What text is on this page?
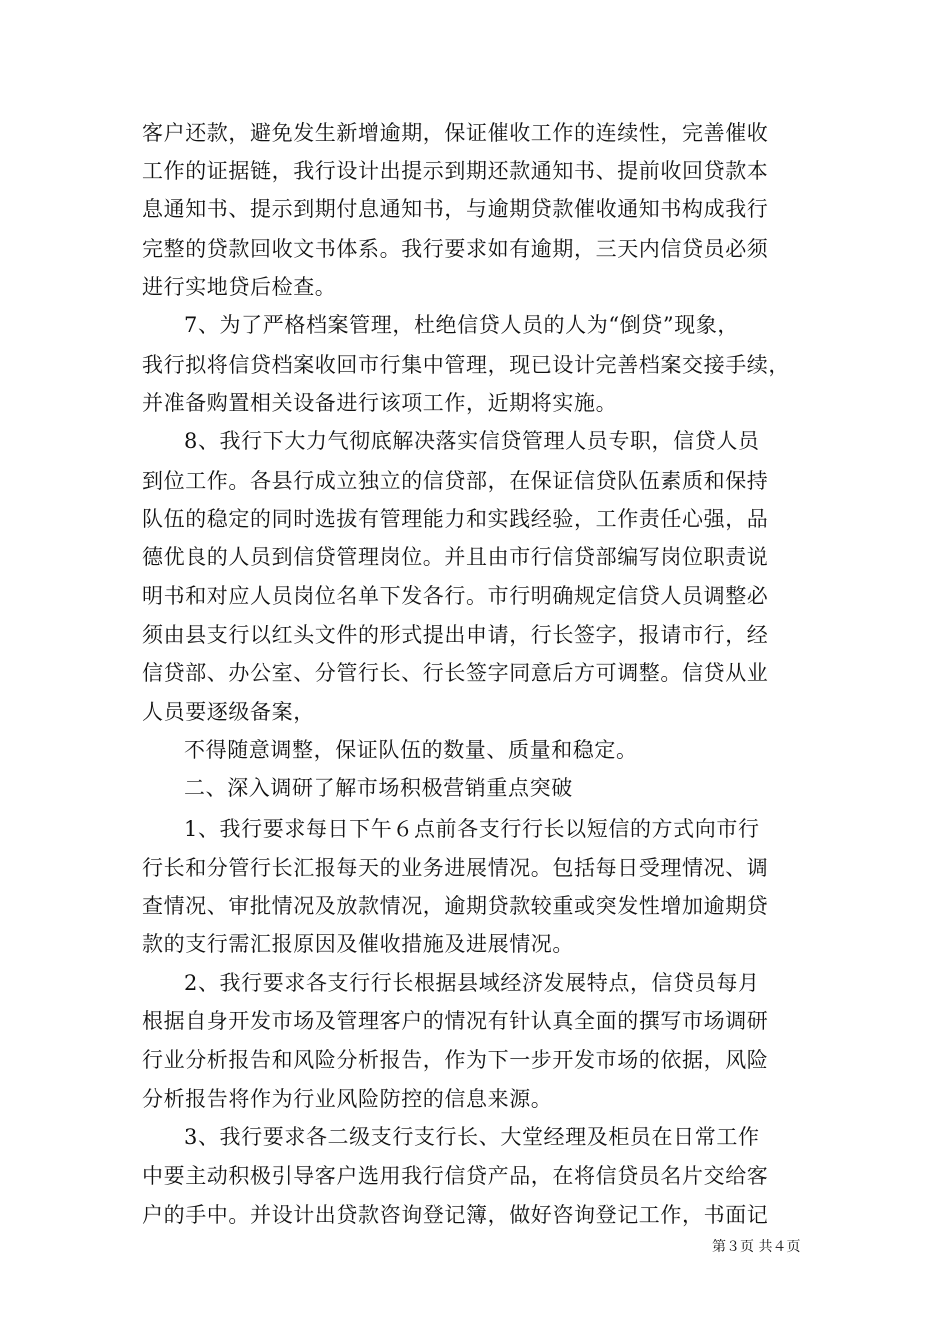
客户还款，避免发生新增逾期，保证催收工作的连续性，完善催收
工作的证据链，我行设计出提示到期还款通知书、提前收回贷款本
息通知书、提示到期付息通知书，与逾期贷款催收通知书构成我行
完整的贷款回收文书体系。我行要求如有逾期，三天内信贷员必须
进行实地贷后检查。
7、为了严格档案管理，杜绝信贷人员的人为“倒贷”现象，
我行拟将信贷档案收回市行集中管理，现已设计完善档案交接手续，
并准备购置相关设备进行该项工作，近期将实施。
8、我行下大力气彻底解决落实信贷管理人员专职，信贷人员
到位工作。各县行成立独立的信贷部，在保证信贷队伍素质和保持
队伍的稳定的同时选拔有管理能力和实践经验，工作责任心强，品
德优良的人员到信贷管理岗位。并且由市行信贷部编写岗位职责说
明书和对应人员岗位名单下发各行。市行明确规定信贷人员调整必
须由县支行以红头文件的形式提出申请，行长签字，报请市行，经
信贷部、办公室、分管行长、行长签字同意后方可调整。信贷从业
人员要逐级备案，
不得随意调整，保证队伍的数量、质量和稳定。
二、深入调研了解市场积极营销重点突破
1、我行要求每日下午６点前各支行行长以短信的方式向市行
行长和分管行长汇报每天的业务进展情况。包括每日受理情况、调
查情况、审批情况及放款情况，逾期贷款较重或突发性增加逾期贷
款的支行需汇报原因及催收措施及进展情况。
2、我行要求各支行行长根据县域经济发展特点，信贷员每月
根据自身开发市场及管理客户的情况有针认真全面的撰写市场调研
行业分析报告和风险分析报告，作为下一步开发市场的依据，风险
分析报告将作为行业风险防控的信息来源。
3、我行要求各二级支行支行长、大堂经理及柜员在日常工作
中要主动积极引导客户选用我行信贷产品，在将信贷员名片交给客
户的手中。并设计出贷款咨询登记簿，做好咨询登记工作，书面记
第３页 共４页
